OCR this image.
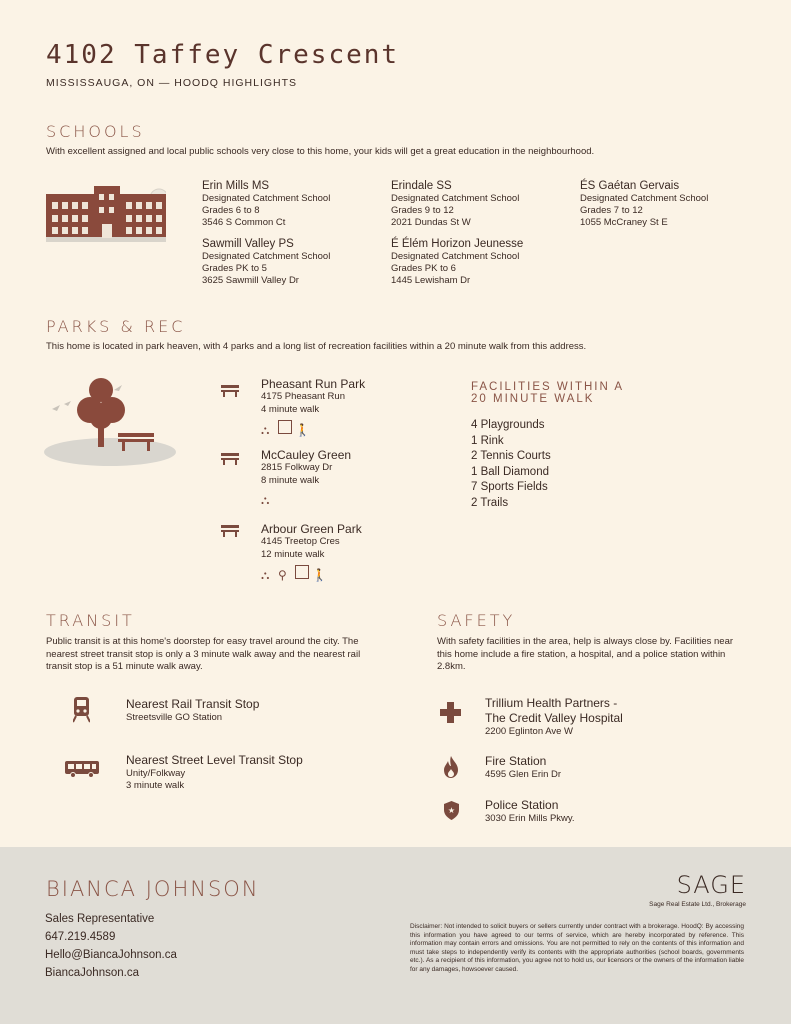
4102 Taffey Crescent
MISSISSAUGA, ON — HOODQ HIGHLIGHTS
SCHOOLS
With excellent assigned and local public schools very close to this home, your kids will get a great education in the neighbourhood.
Erin Mills MS
Designated Catchment School
Grades 6 to 8
3546 S Common Ct
Erindale SS
Designated Catchment School
Grades 9 to 12
2021 Dundas St W
ÉS Gaétan Gervais
Designated Catchment School
Grades 7 to 12
1055 McCraney St E
Sawmill Valley PS
Designated Catchment School
Grades PK to 5
3625 Sawmill Valley Dr
É Élém Horizon Jeunesse
Designated Catchment School
Grades PK to 6
1445 Lewisham Dr
PARKS & REC
This home is located in park heaven, with 4 parks and a long list of recreation facilities within a 20 minute walk from this address.
Pheasant Run Park
4175 Pheasant Run
4 minute walk
⛬ 🚶
McCauley Green
2815 Folkway Dr
8 minute walk
⛬
Arbour Green Park
4145 Treetop Cres
12 minute walk
⛬ ⚲ 🚶
FACILITIES WITHIN A
20 MINUTE WALK
4 Playgrounds
1 Rink
2 Tennis Courts
1 Ball Diamond
7 Sports Fields
2 Trails
TRANSIT
Public transit is at this home's doorstep for easy travel around the city. The nearest street transit stop is only a 3 minute walk away and the nearest rail transit stop is a 51 minute walk away.
Nearest Rail Transit Stop
Streetsville GO Station
Nearest Street Level Transit Stop
Unity/Folkway
3 minute walk
SAFETY
With safety facilities in the area, help is always close by. Facilities near this home include a fire station, a hospital, and a police station within 2.8km.
Trillium Health Partners -
The Credit Valley Hospital
2200 Eglinton Ave W
Fire Station
4595 Glen Erin Dr
★ Police Station
3030 Erin Mills Pkwy.
BIANCA JOHNSON
Sales Representative
647.219.4589
Hello@BiancaJohnson.ca
BiancaJohnson.ca
SAGE
Sage Real Estate Ltd., Brokerage
Disclaimer: Not intended to solicit buyers or sellers currently under contract with a brokerage. HoodQ: By accessing this information you have agreed to our terms of service, which are hereby incorporated by reference. This information may contain errors and omissions. You are not permitted to rely on the contents of this information and must take steps to independently verify its contents with the appropriate authorities (school boards, governments etc.). As a recipient of this information, you agree not to hold us, our licensors or the owners of the information liable for any damages, howsoever caused.
